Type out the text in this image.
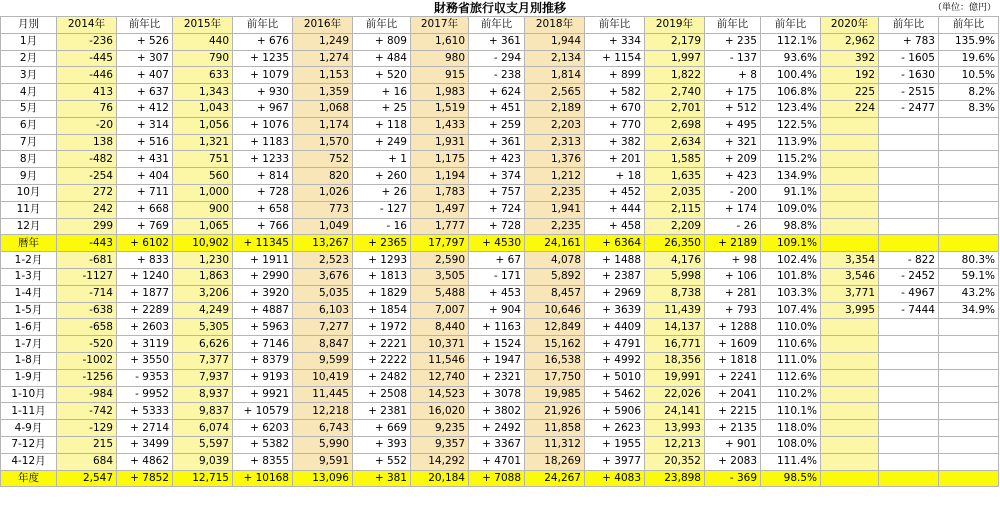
財務省旅行収支月別推移	（単位：億円）
月別	2014年	前年比	2015年	前年比	2016年	前年比	2017年	前年比	2018年	前年比	2019年	前年比	前年比	2020年	前年比	前年比
1月	-236	+ 526	440	+ 676	1,249	+ 809	1,610	+ 361	1,944	+ 334	2,179	+ 235	112.1%	2,962	+ 783	135.9%
2月	-445	+ 307	790	+ 1235	1,274	+ 484	980	- 294	2,134	+ 1154	1,997	- 137	93.6%	392	- 1605	19.6%
3月	-446	+ 407	633	+ 1079	1,153	+ 520	915	- 238	1,814	+ 899	1,822	+ 8	100.4%	192	- 1630	10.5%
4月	413	+ 637	1,343	+ 930	1,359	+ 16	1,983	+ 624	2,565	+ 582	2,740	+ 175	106.8%	225	- 2515	8.2%
5月	76	+ 412	1,043	+ 967	1,068	+ 25	1,519	+ 451	2,189	+ 670	2,701	+ 512	123.4%	224	- 2477	8.3%
6月	-20	+ 314	1,056	+ 1076	1,174	+ 118	1,433	+ 259	2,203	+ 770	2,698	+ 495	122.5%			
7月	138	+ 516	1,321	+ 1183	1,570	+ 249	1,931	+ 361	2,313	+ 382	2,634	+ 321	113.9%			
8月	-482	+ 431	751	+ 1233	752	+ 1	1,175	+ 423	1,376	+ 201	1,585	+ 209	115.2%			
9月	-254	+ 404	560	+ 814	820	+ 260	1,194	+ 374	1,212	+ 18	1,635	+ 423	134.9%			
10月	272	+ 711	1,000	+ 728	1,026	+ 26	1,783	+ 757	2,235	+ 452	2,035	- 200	91.1%			
11月	242	+ 668	900	+ 658	773	- 127	1,497	+ 724	1,941	+ 444	2,115	+ 174	109.0%			
12月	299	+ 769	1,065	+ 766	1,049	- 16	1,777	+ 728	2,235	+ 458	2,209	- 26	98.8%			
暦年	-443	+ 6102	10,902	+ 11345	13,267	+ 2365	17,797	+ 4530	24,161	+ 6364	26,350	+ 2189	109.1%			
1-2月	-681	+ 833	1,230	+ 1911	2,523	+ 1293	2,590	+ 67	4,078	+ 1488	4,176	+ 98	102.4%	3,354	- 822	80.3%
1-3月	-1127	+ 1240	1,863	+ 2990	3,676	+ 1813	3,505	- 171	5,892	+ 2387	5,998	+ 106	101.8%	3,546	- 2452	59.1%
1-4月	-714	+ 1877	3,206	+ 3920	5,035	+ 1829	5,488	+ 453	8,457	+ 2969	8,738	+ 281	103.3%	3,771	- 4967	43.2%
1-5月	-638	+ 2289	4,249	+ 4887	6,103	+ 1854	7,007	+ 904	10,646	+ 3639	11,439	+ 793	107.4%	3,995	- 7444	34.9%
1-6月	-658	+ 2603	5,305	+ 5963	7,277	+ 1972	8,440	+ 1163	12,849	+ 4409	14,137	+ 1288	110.0%			
1-7月	-520	+ 3119	6,626	+ 7146	8,847	+ 2221	10,371	+ 1524	15,162	+ 4791	16,771	+ 1609	110.6%			
1-8月	-1002	+ 3550	7,377	+ 8379	9,599	+ 2222	11,546	+ 1947	16,538	+ 4992	18,356	+ 1818	111.0%			
1-9月	-1256	- 9353	7,937	+ 9193	10,419	+ 2482	12,740	+ 2321	17,750	+ 5010	19,991	+ 2241	112.6%			
1-10月	-984	- 9952	8,937	+ 9921	11,445	+ 2508	14,523	+ 3078	19,985	+ 5462	22,026	+ 2041	110.2%			
1-11月	-742	+ 5333	9,837	+ 10579	12,218	+ 2381	16,020	+ 3802	21,926	+ 5906	24,141	+ 2215	110.1%			
4-9月	-129	+ 2714	6,074	+ 6203	6,743	+ 669	9,235	+ 2492	11,858	+ 2623	13,993	+ 2135	118.0%			
7-12月	215	+ 3499	5,597	+ 5382	5,990	+ 393	9,357	+ 3367	11,312	+ 1955	12,213	+ 901	108.0%			
4-12月	684	+ 4862	9,039	+ 8355	9,591	+ 552	14,292	+ 4701	18,269	+ 3977	20,352	+ 2083	111.4%			
年度	2,547	+ 7852	12,715	+ 10168	13,096	+ 381	20,184	+ 7088	24,267	+ 4083	23,898	- 369	98.5%			
